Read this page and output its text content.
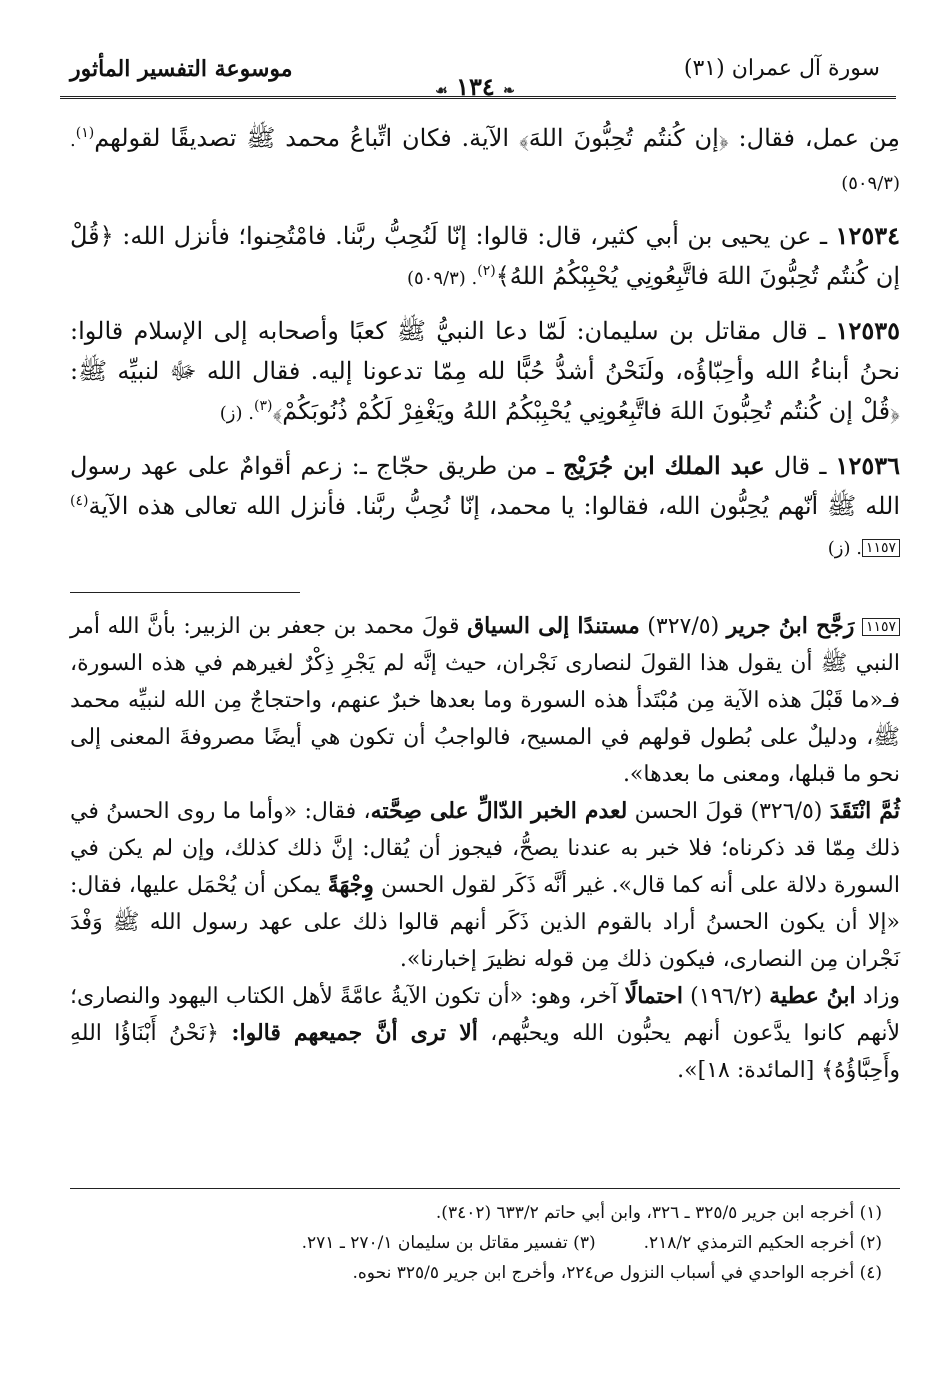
سورة آل عمران (٣١)
❧ ١٣٤ ☙
موسوعة التفسير المأثور

مِن عمل، فقال: ﴿إن كُنتُم تُحِبُّونَ اللهَ﴾ الآية. فكان اتِّباعُ محمد ﷺ تصديقًا لقولهم$^{(١)}$. (٥٠٩/٣)

١٢٥٣٤ ـ عن يحيى بن أبي كثير، قال: قالوا: إنّا لَنُحِبُّ ربَّنا. فامْتُحِنوا؛ فأنزل الله: ﴿قُلْ إن كُنتُم تُحِبُّونَ اللهَ فاتَّبِعُونِي يُحْبِبْكُمُ اللهُ﴾$^{(٢)}$. (٥٠٩/٣)

١٢٥٣٥ ـ قال مقاتل بن سليمان: لَمّا دعا النبيُّ ﷺ كعبًا وأصحابه إلى الإسلام قالوا: نحنُ أبناءُ الله وأحِبّاؤُه، ولَنَحْنُ أشدُّ حُبًّا لله مِمّا تدعونا إليه. فقال الله ﷻ لنبيِّه ﷺ: ﴿قُلْ إن كُنتُم تُحِبُّونَ اللهَ فاتَّبِعُونِي يُحْبِبْكُمُ اللهُ ويَغْفِرْ لَكُمْ ذُنُوبَكُمْ﴾$^{(٣)}$. (ز)

١٢٥٣٦ ـ قال عبد الملك ابن جُرَيْج ـ من طريق حجّاج ـ: زعم أقوامٌ على عهد رسول الله ﷺ أنّهم يُحِبُّون الله، فقالوا: يا محمد، إنّا نُحِبُّ ربَّنا. فأنزل الله تعالى هذه الآية$^{(٤)}$١١٥٧. (ز)

١١٥٧ رَجَّح ابنُ جرير (٣٢٧/٥) مستندًا إلى السياق قولَ محمد بن جعفر بن الزبير: بأنَّ الله أمر النبي ﷺ أن يقول هذا القولَ لنصارى نَجْران، حيث إنَّه لم يَجْرِ ذِكْرٌ لغيرهم في هذه السورة، فـ«ما قَبْلَ هذه الآية مِن مُبْتَدأ هذه السورة وما بعدها خبرٌ عنهم، واحتجاجٌ مِن الله لنبيِّه محمد ﷺ، ودليلٌ على بُطول قولهم في المسيح، فالواجبُ أن تكون هي أيضًا مصروفةَ المعنى إلى نحو ما قبلها، ومعنى ما بعدها».

ثُمَّ انْتَقَدَ (٣٢٦/٥) قولَ الحسن لعدم الخبر الدّالِّ على صِحَّته، فقال: «وأما ما روى الحسنُ في ذلك مِمّا قد ذكرناه؛ فلا خبر به عندنا يصحُّ، فيجوز أن يُقال: إنَّ ذلك كذلك، وإن لم يكن في السورة دلالة على أنه كما قال». غير أنَّه ذَكَر لقول الحسن وِجْهَةً يمكن أن يُحْمَل عليها، فقال: «إلا أن يكون الحسنُ أراد بالقوم الذين ذَكَر أنهم قالوا ذلك على عهد رسول الله ﷺ وَفْدَ نَجْران مِن النصارى، فيكون ذلك مِن قوله نظيرَ إخبارنا».

وزاد ابنُ عطية (١٩٦/٢) احتمالًا آخر، وهو: «أن تكون الآيةُ عامَّةً لأهل الكتاب اليهود والنصارى؛ لأنهم كانوا يدَّعون أنهم يحبُّون الله ويحبُّهم، ألا ترى أنَّ جميعهم قالوا: ﴿نَحْنُ أَبْنَاؤُا اللهِ وأَحِبَّاؤُهُ﴾ [المائدة: ١٨]».

(١) أخرجه ابن جرير ٣٢٥/٥ ـ ٣٢٦، وابن أبي حاتم ٦٣٣/٢ (٣٤٠٢).
(٢) أخرجه الحكيم الترمذي ٢١٨/٢.
(٣) تفسير مقاتل بن سليمان ٢٧٠/١ ـ ٢٧١.
(٤) أخرجه الواحدي في أسباب النزول ص٢٢٤، وأخرج ابن جرير ٣٢٥/٥ نحوه.
